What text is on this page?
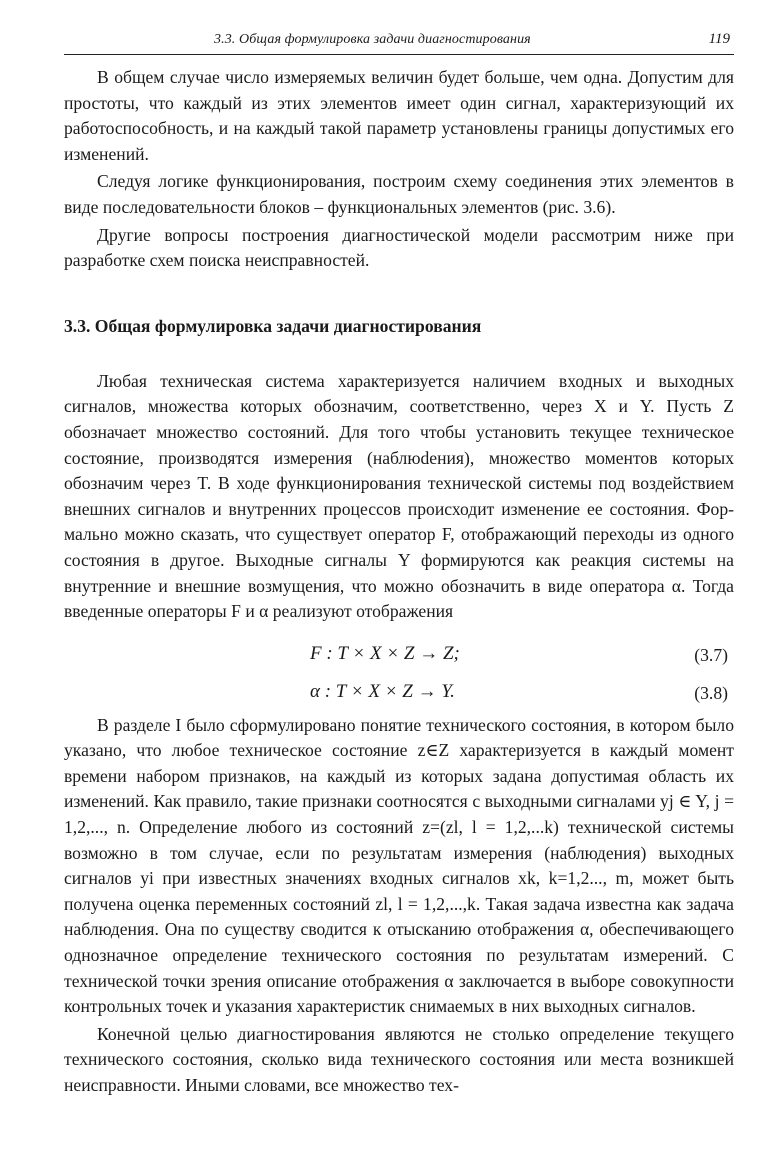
3.3. Общая формулировка задачи диагностирования	119

В общем случае число измеряемых величин будет больше, чем одна. Допустим для простоты, что каждый из этих элементов имеет один сигнал, характеризующий их работоспособность, и на каждый такой параметр установлены границы допустимых его изменений.

Следуя логике функционирования, построим схему соединения этих элементов в виде последовательности блоков – функциональных элементов (рис. 3.6).

Другие вопросы построения диагностической модели рассмотрим ниже при разработке схем поиска неисправностей.

3.3. Общая формулировка задачи диагностирования

Любая техническая система характеризуется наличием входных и выходных сигналов, множества которых обозначим, соответственно, через X и Y. Пусть Z обозначает множество состояний. Для того чтобы установить текущее техническое состояние, производятся измерения (наблюdения), множество моментов которых обозначим через T. В ходе функционирования технической системы под воздействием внешних сигналов и внутренних процессов происходит изменение ее состояния. Формально можно сказать, что существует оператор F, отображающий переходы из одного состояния в другое. Выходные сигналы Y формируются как реакция системы на внутренние и внешние возмущения, что можно обозначить в виде оператора α. Тогда введенные операторы F и α реализуют отображения

F : T × X × Z → Z;	(3.7)
α : T × X × Z → Y.	(3.8)

В разделе I было сформулировано понятие технического состояния, в котором было указано, что любое техническое состояние z∈Z характеризуется в каждый момент времени набором признаков, на каждый из которых задана допустимая область их изменений. Как правило, такие признаки соотносятся с выходными сигналами yj ∈ Y, j = 1,2,..., n. Определение любого из состояний z=(zl, l = 1,2,...k) технической системы возможно в том случае, если по результатам измерения (наблюдения) выходных сигналов yi при известных значениях входных сигналов xk, k=1,2..., m, может быть получена оценка переменных состояний zl, l = 1,2,...,k. Такая задача известна как задача наблюдения. Она по существу сводится к отысканию отображения α, обеспечивающего однозначное определение технического состояния по результатам измерений. С технической точки зрения описание отображения α заключается в выборе совокупности контрольных точек и указания характеристик снимаемых в них выходных сигналов.

Конечной целью диагностирования являются не столько определение текущего технического состояния, сколько вида технического состояния или места возникшей неисправности. Иными словами, все множество тех-
